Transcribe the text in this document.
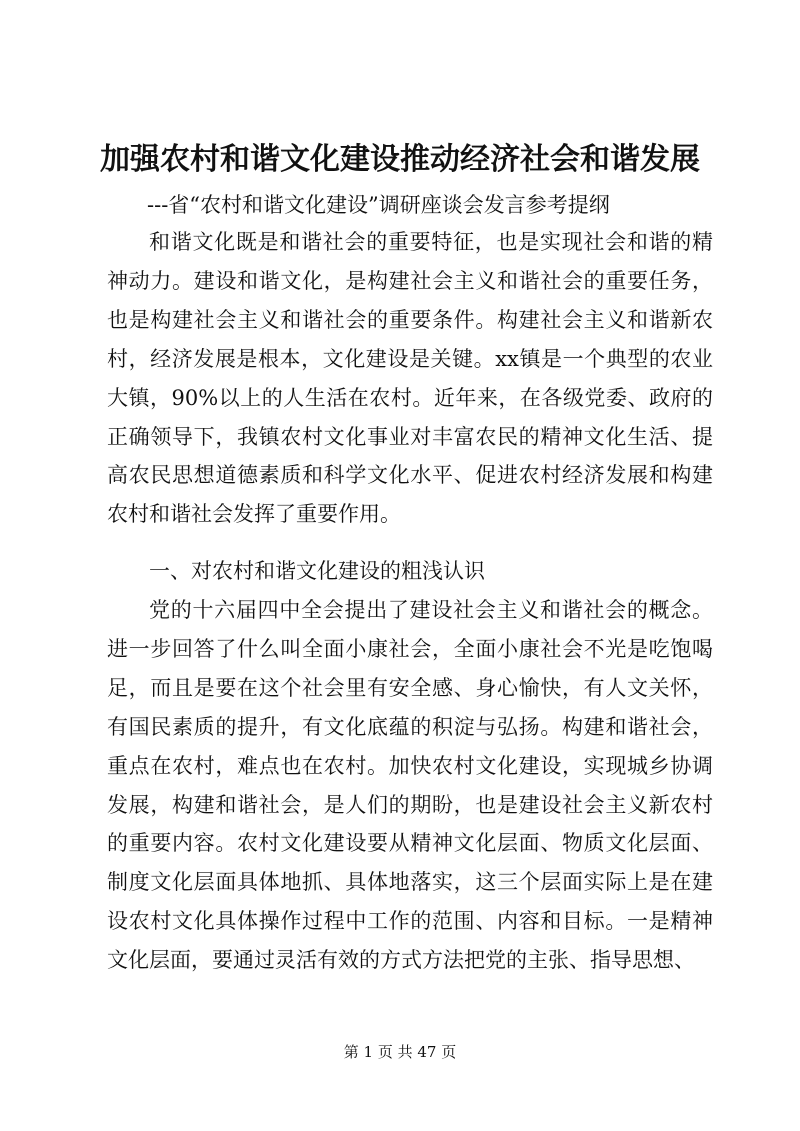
加强农村和谐文化建设推动经济社会和谐发展
---省“农村和谐文化建设”调研座谈会发言参考提纲

和谐文化既是和谐社会的重要特征，也是实现社会和谐的精神动力。建设和谐文化，是构建社会主义和谐社会的重要任务，也是构建社会主义和谐社会的重要条件。构建社会主义和谐新农村，经济发展是根本，文化建设是关键。xx镇是一个典型的农业大镇，90%以上的人生活在农村。近年来，在各级党委、政府的正确领导下，我镇农村文化事业对丰富农民的精神文化生活、提高农民思想道德素质和科学文化水平、促进农村经济发展和构建农村和谐社会发挥了重要作用。

一、对农村和谐文化建设的粗浅认识

党的十六届四中全会提出了建设社会主义和谐社会的概念。进一步回答了什么叫全面小康社会，全面小康社会不光是吃饱喝足，而且是要在这个社会里有安全感、身心愉快，有人文关怀，有国民素质的提升，有文化底蕴的积淀与弘扬。构建和谐社会，重点在农村，难点也在农村。加快农村文化建设，实现城乡协调发展，构建和谐社会，是人们的期盼，也是建设社会主义新农村的重要内容。农村文化建设要从精神文化层面、物质文化层面、制度文化层面具体地抓、具体地落实，这三个层面实际上是在建设农村文化具体操作过程中工作的范围、内容和目标。一是精神文化层面，要通过灵活有效的方式方法把党的主张、指导思想、

第 1 页 共 47 页
